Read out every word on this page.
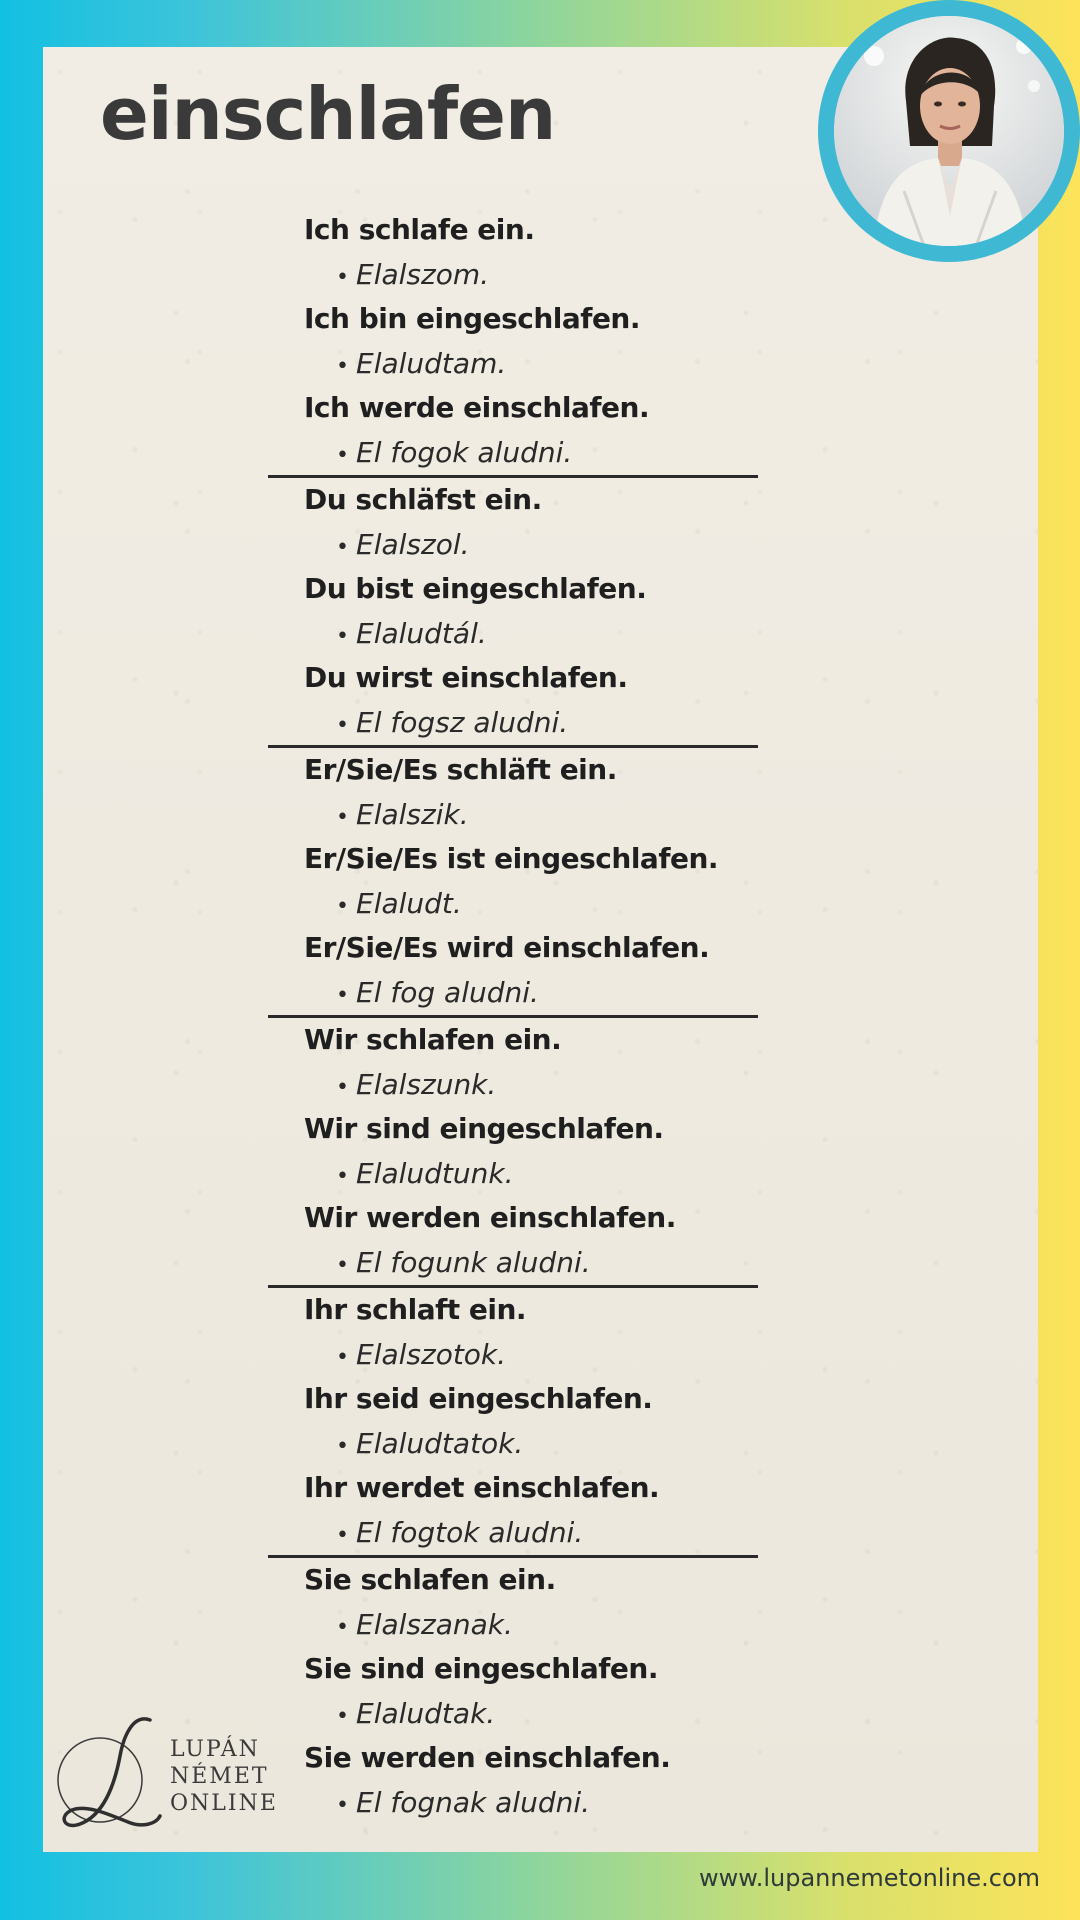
einschlafen
Ich schlafe ein.
• Elalszom.
Ich bin eingeschlafen.
• Elaludtam.
Ich werde einschlafen.
• El fogok aludni.
Du schläfst ein.
• Elalszol.
Du bist eingeschlafen.
• Elaludtál.
Du wirst einschlafen.
• El fogsz aludni.
Er/Sie/Es schläft ein.
• Elalszik.
Er/Sie/Es ist eingeschlafen.
• Elaludt.
Er/Sie/Es wird einschlafen.
• El fog aludni.
Wir schlafen ein.
• Elalszunk.
Wir sind eingeschlafen.
• Elaludtunk.
Wir werden einschlafen.
• El fogunk aludni.
Ihr schlaft ein.
• Elalszotok.
Ihr seid eingeschlafen.
• Elaludtatok.
Ihr werdet einschlafen.
• El fogtok aludni.
Sie schlafen ein.
• Elalszanak.
Sie sind eingeschlafen.
• Elaludtak.
Sie werden einschlafen.
• El fognak aludni.
LUPÁN
NÉMET
ONLINE
www.lupannemetonline.com
